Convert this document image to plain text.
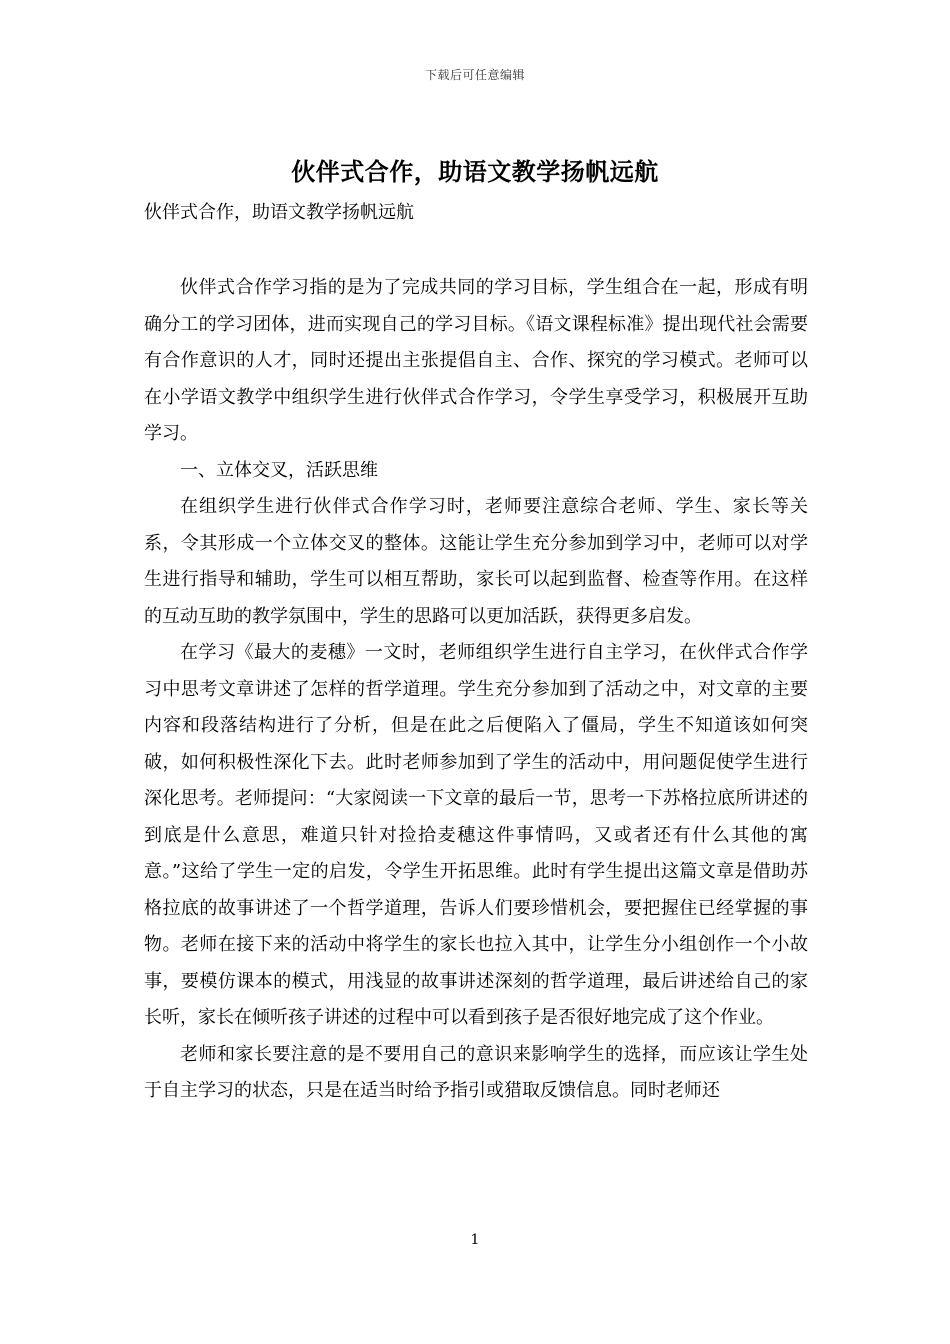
下载后可任意编辑
伙伴式合作，助语文教学扬帆远航
伙伴式合作，助语文教学扬帆远航

伙伴式合作学习指的是为了完成共同的学习目标，学生组合在一起，形成有明确分工的学习团体，进而实现自己的学习目标。《语文课程标准》提出现代社会需要有合作意识的人才，同时还提出主张提倡自主、合作、探究的学习模式。老师可以在小学语文教学中组织学生进行伙伴式合作学习，令学生享受学习，积极展开互助学习。

一、立体交叉，活跃思维

在组织学生进行伙伴式合作学习时，老师要注意综合老师、学生、家长等关系，令其形成一个立体交叉的整体。这能让学生充分参加到学习中，老师可以对学生进行指导和辅助，学生可以相互帮助，家长可以起到监督、检查等作用。在这样的互动互助的教学氛围中，学生的思路可以更加活跃，获得更多启发。

在学习《最大的麦穗》一文时，老师组织学生进行自主学习，在伙伴式合作学习中思考文章讲述了怎样的哲学道理。学生充分参加到了活动之中，对文章的主要内容和段落结构进行了分析，但是在此之后便陷入了僵局，学生不知道该如何突破，如何积极性深化下去。此时老师参加到了学生的活动中，用问题促使学生进行深化思考。老师提问：“大家阅读一下文章的最后一节，思考一下苏格拉底所讲述的到底是什么意思，难道只针对捡拾麦穗这件事情吗，又或者还有什么其他的寓意。”这给了学生一定的启发，令学生开拓思维。此时有学生提出这篇文章是借助苏格拉底的故事讲述了一个哲学道理，告诉人们要珍惜机会，要把握住已经掌握的事物。老师在接下来的活动中将学生的家长也拉入其中，让学生分小组创作一个小故事，要模仿课本的模式，用浅显的故事讲述深刻的哲学道理，最后讲述给自己的家长听，家长在倾听孩子讲述的过程中可以看到孩子是否很好地完成了这个作业。

老师和家长要注意的是不要用自己的意识来影响学生的选择，而应该让学生处于自主学习的状态，只是在适当时给予指引或猎取反馈信息。同时老师还

1
